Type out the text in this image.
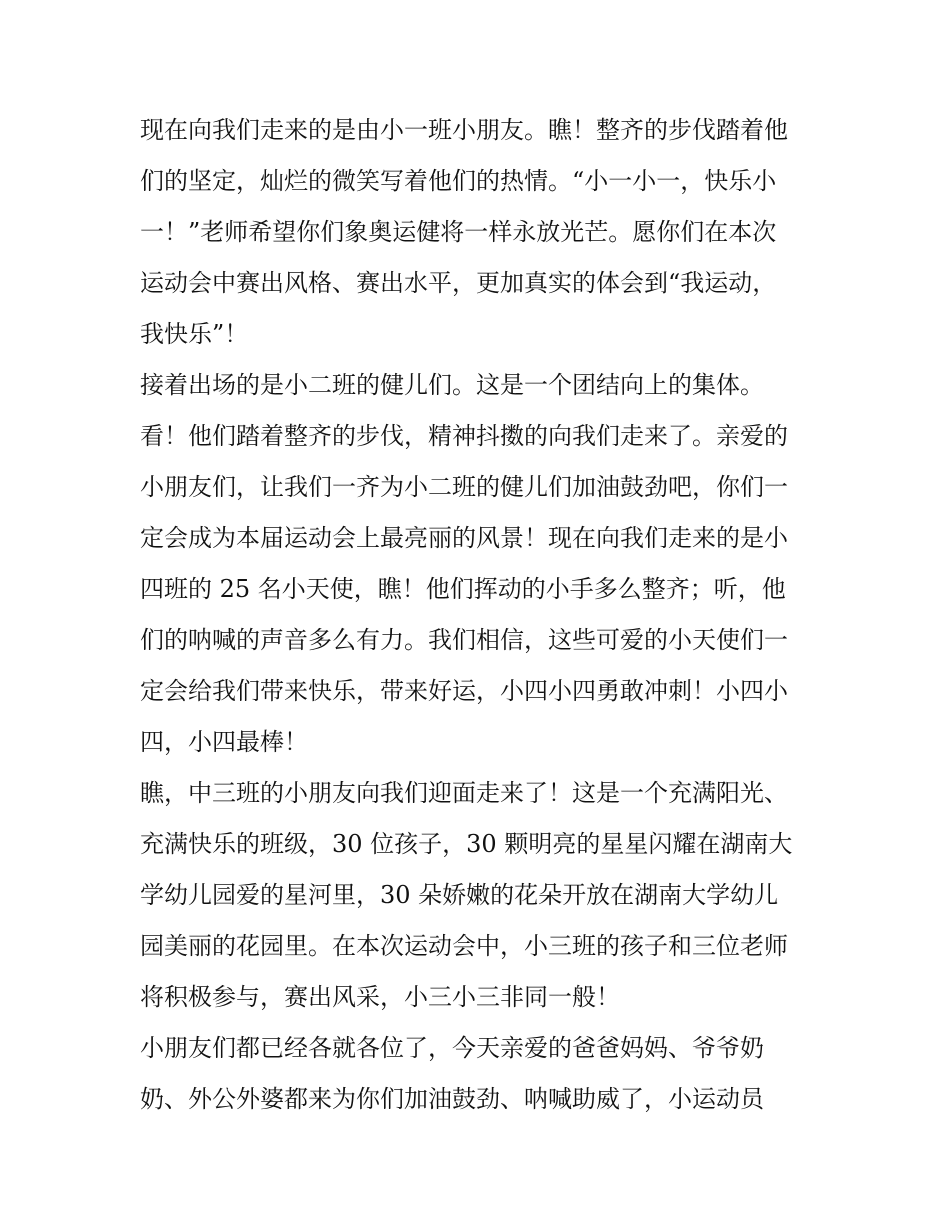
现在向我们走来的是由小一班小朋友。瞧！整齐的步伐踏着他
们的坚定，灿烂的微笑写着他们的热情。“小一小一，快乐小
一！”老师希望你们象奥运健将一样永放光芒。愿你们在本次
运动会中赛出风格、赛出水平，更加真实的体会到“我运动，
我快乐”！
接着出场的是小二班的健儿们。这是一个团结向上的集体。
看！他们踏着整齐的步伐，精神抖擞的向我们走来了。亲爱的
小朋友们，让我们一齐为小二班的健儿们加油鼓劲吧，你们一
定会成为本届运动会上最亮丽的风景！现在向我们走来的是小
四班的 25 名小天使，瞧！他们挥动的小手多么整齐；听，他
们的呐喊的声音多么有力。我们相信，这些可爱的小天使们一
定会给我们带来快乐，带来好运，小四小四勇敢冲刺！小四小
四，小四最棒！
瞧，中三班的小朋友向我们迎面走来了！这是一个充满阳光、
充满快乐的班级，30 位孩子，30 颗明亮的星星闪耀在湖南大
学幼儿园爱的星河里，30 朵娇嫩的花朵开放在湖南大学幼儿
园美丽的花园里。在本次运动会中，小三班的孩子和三位老师
将积极参与，赛出风采，小三小三非同一般！
小朋友们都已经各就各位了，今天亲爱的爸爸妈妈、爷爷奶
奶、外公外婆都来为你们加油鼓劲、呐喊助威了，小运动员
